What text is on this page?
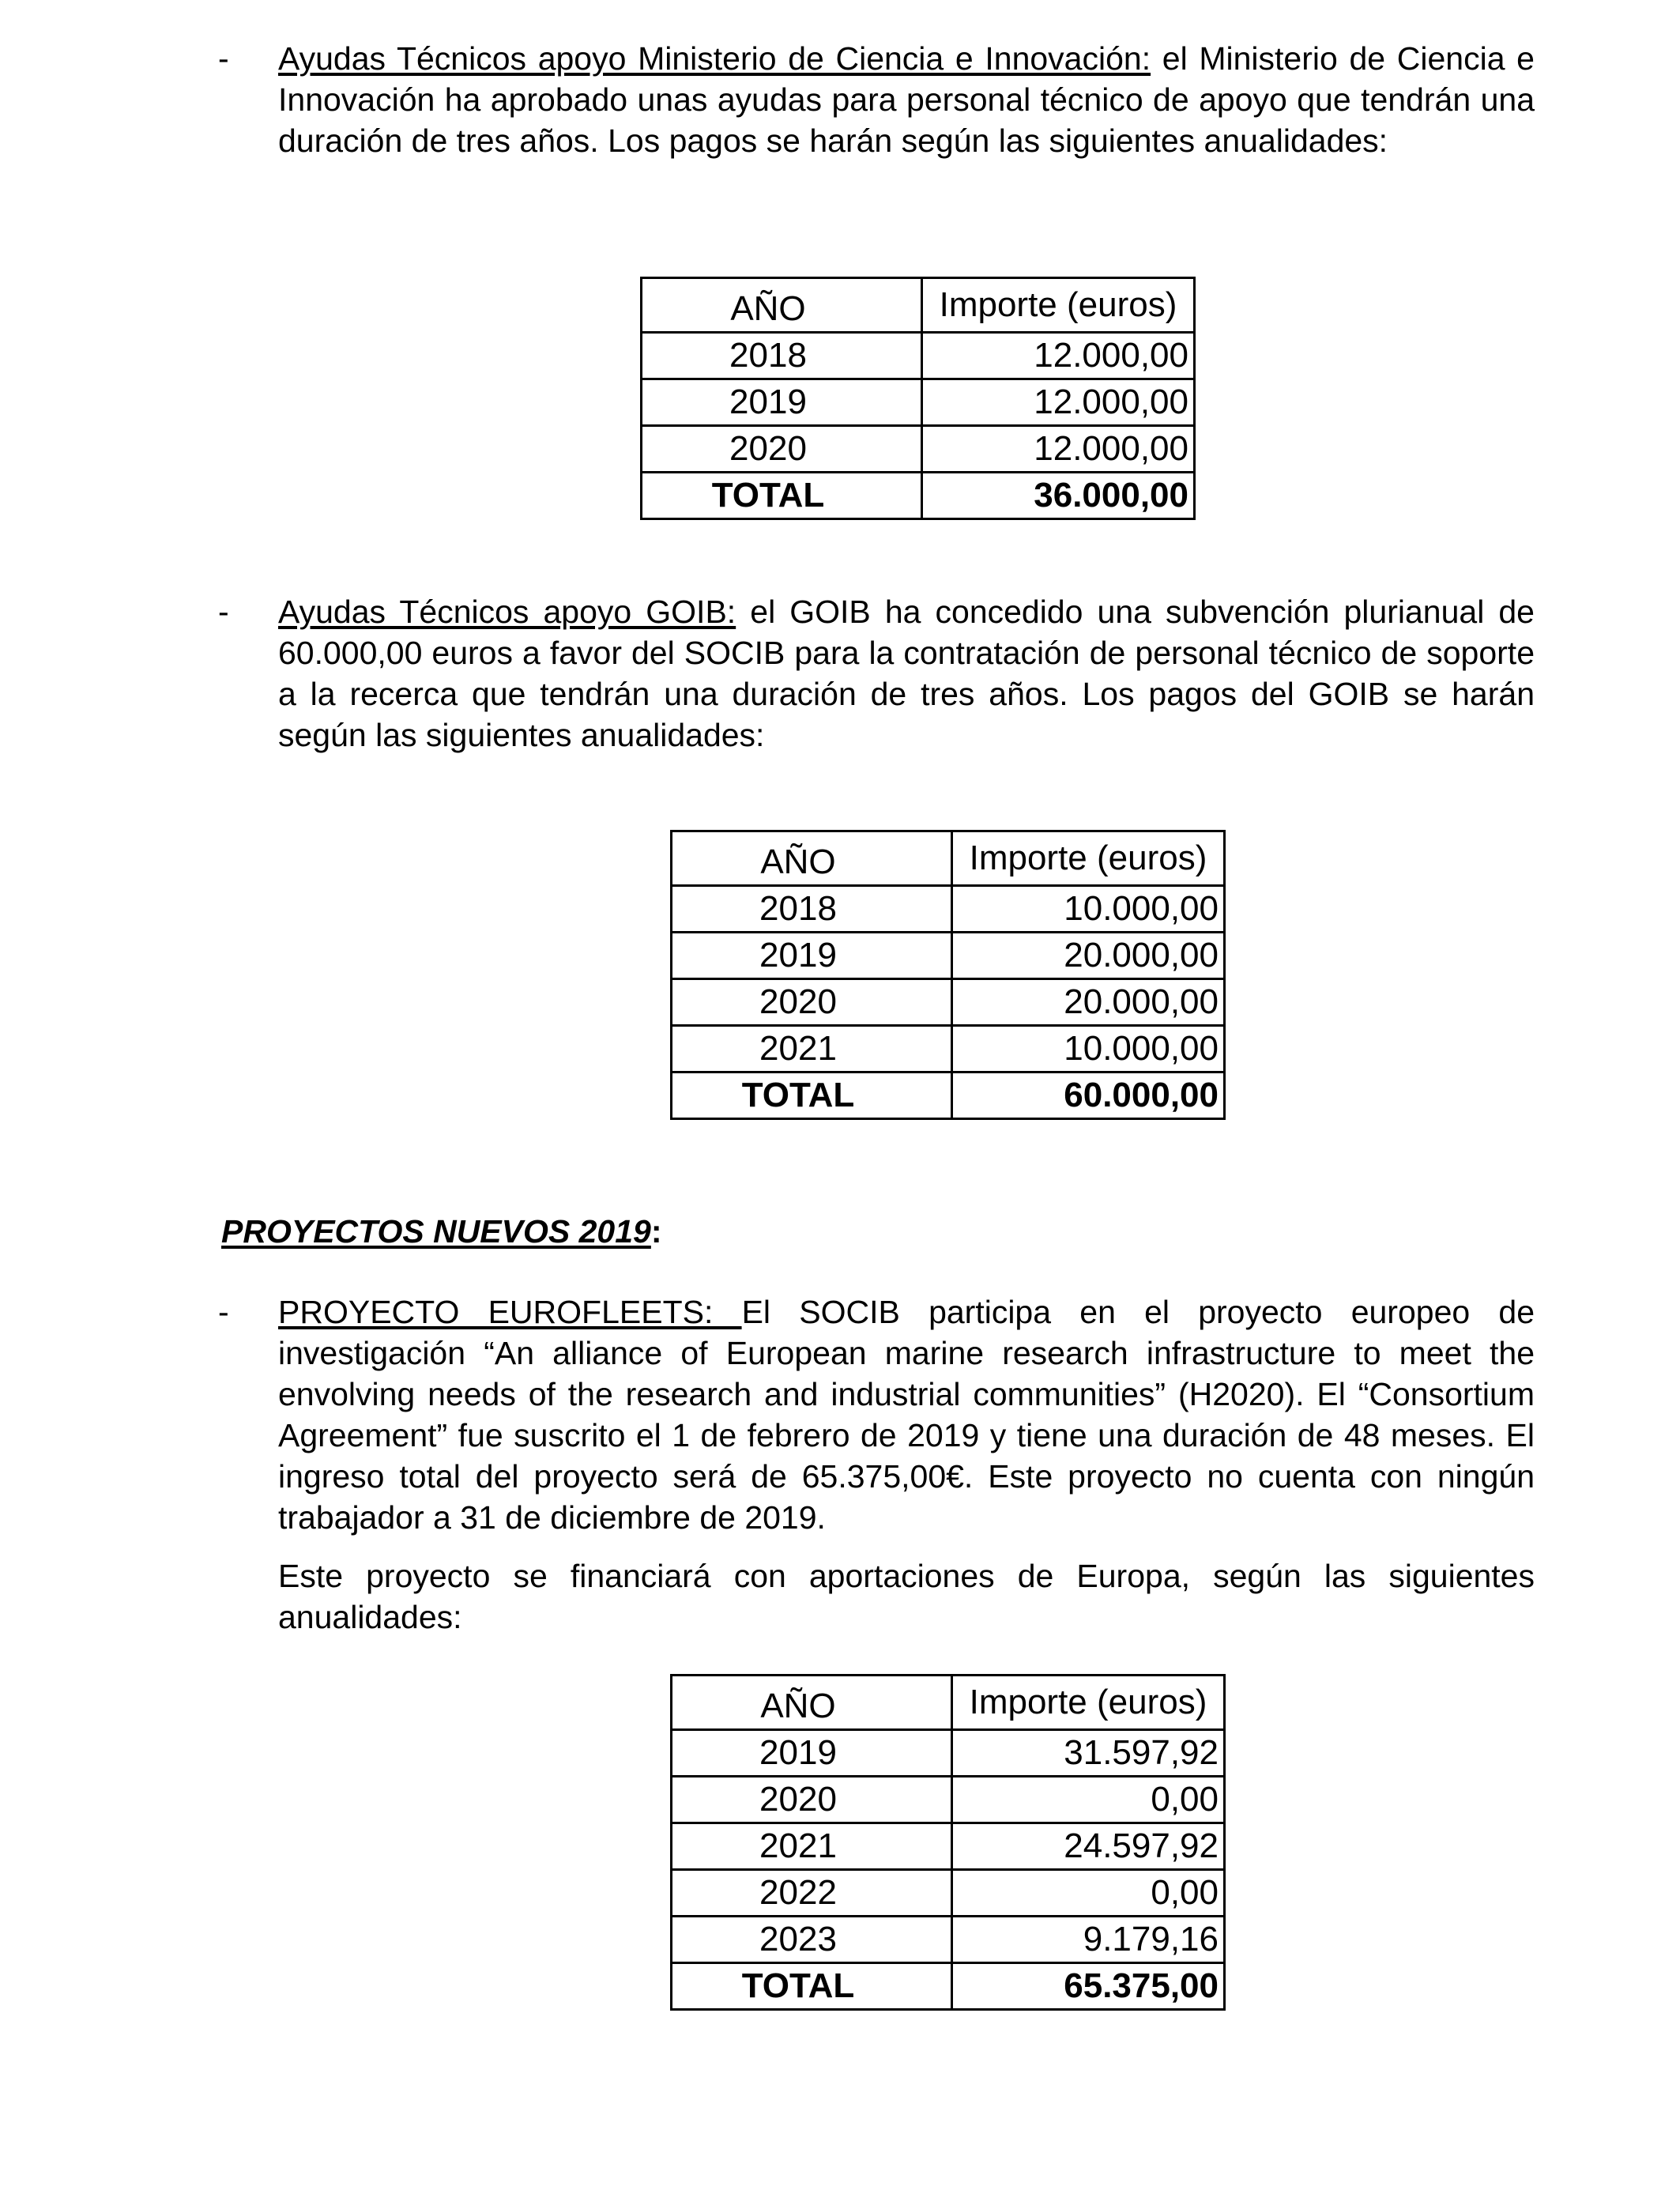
-	Ayudas Técnicos apoyo Ministerio de Ciencia e Innovación: el Ministerio de Ciencia e Innovación ha aprobado unas ayudas para personal técnico de apoyo que tendrán una duración de tres años. Los pagos se harán según las siguientes anualidades:

AÑO	Importe (euros)
2018	12.000,00
2019	12.000,00
2020	12.000,00
TOTAL	36.000,00
-	Ayudas Técnicos apoyo GOIB: el GOIB ha concedido una subvención plurianual de 60.000,00 euros a favor del SOCIB para la contratación de personal técnico de soporte a la recerca que tendrán una duración de tres años. Los pagos del GOIB se harán según las siguientes anualidades:

AÑO	Importe (euros)
2018	10.000,00
2019	20.000,00
2020	20.000,00
2021	10.000,00
TOTAL	60.000,00
PROYECTOS NUEVOS 2019:
-	PROYECTO EUROFLEETS: El SOCIB participa en el proyecto europeo de investigación “An alliance of European marine research infrastructure to meet the envolving needs of the research and industrial communities” (H2020). El “Consortium Agreement” fue suscrito el 1 de febrero de 2019 y tiene una duración de 48 meses. El ingreso total del proyecto será de 65.375,00€. Este proyecto no cuenta con ningún trabajador a 31 de diciembre de 2019.

Este proyecto se financiará con aportaciones de Europa, según las siguientes anualidades:

AÑO	Importe (euros)
2019	31.597,92
2020	0,00
2021	24.597,92
2022	0,00
2023	9.179,16
TOTAL	65.375,00
